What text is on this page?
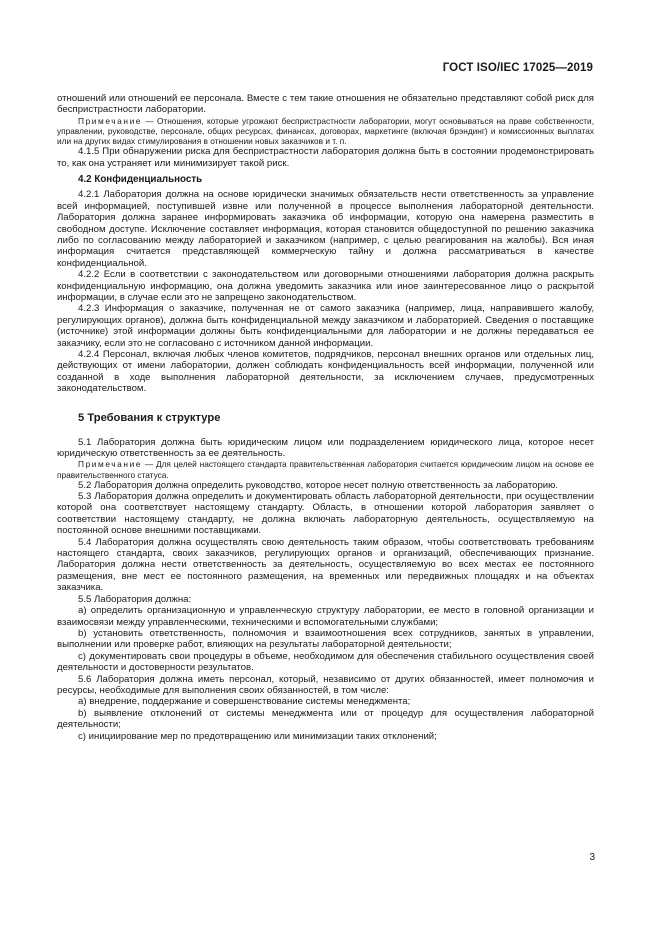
ГОСТ ISO/IEC 17025—2019

отношений или отношений ее персонала. Вместе с тем такие отношения не обязательно представляют собой риск для беспристрастности лаборатории.

Примечание — Отношения, которые угрожают беспристрастности лаборатории, могут основываться на праве собственности, управлении, руководстве, персонале, общих ресурсах, финансах, договорах, маркетинге (включая брэндинг) и комиссионных выплатах или на других видах стимулирования в отношении новых заказчиков и т. п.

4.1.5 При обнаружении риска для беспристрастности лаборатория должна быть в состоянии продемонстрировать то, как она устраняет или минимизирует такой риск.

4.2 Конфиденциальность

4.2.1 Лаборатория должна на основе юридически значимых обязательств нести ответственность за управление всей информацией, поступившей извне или полученной в процессе выполнения лабораторной деятельности. Лаборатория должна заранее информировать заказчика об информации, которую она намерена разместить в свободном доступе. Исключение составляет информация, которая становится общедоступной по решению заказчика либо по согласованию между лабораторией и заказчиком (например, с целью реагирования на жалобы). Вся иная информация считается представляющей коммерческую тайну и должна рассматриваться в качестве конфиденциальной.

4.2.2 Если в соответствии с законодательством или договорными отношениями лаборатория должна раскрыть конфиденциальную информацию, она должна уведомить заказчика или иное заинтересованное лицо о раскрытой информации, в случае если это не запрещено законодательством.

4.2.3 Информация о заказчике, полученная не от самого заказчика (например, лица, направившего жалобу, регулирующих органов), должна быть конфиденциальной между заказчиком и лабораторией. Сведения о поставщике (источнике) этой информации должны быть конфиденциальными для лаборатории и не должны передаваться ее заказчику, если это не согласовано с источником данной информации.

4.2.4 Персонал, включая любых членов комитетов, подрядчиков, персонал внешних органов или отдельных лиц, действующих от имени лаборатории, должен соблюдать конфиденциальность всей информации, полученной или созданной в ходе выполнения лабораторной деятельности, за исключением случаев, предусмотренных законодательством.

5 Требования к структуре

5.1 Лаборатория должна быть юридическим лицом или подразделением юридического лица, которое несет юридическую ответственность за ее деятельность.

Примечание — Для целей настоящего стандарта правительственная лаборатория считается юридическим лицом на основе ее правительственного статуса.

5.2 Лаборатория должна определить руководство, которое несет полную ответственность за лабораторию.

5.3 Лаборатория должна определить и документировать область лабораторной деятельности, при осуществлении которой она соответствует настоящему стандарту. Область, в отношении которой лаборатория заявляет о соответствии настоящему стандарту, не должна включать лабораторную деятельность, осуществляемую на постоянной основе внешними поставщиками.

5.4 Лаборатория должна осуществлять свою деятельность таким образом, чтобы соответствовать требованиям настоящего стандарта, своих заказчиков, регулирующих органов и организаций, обеспечивающих признание. Лаборатория должна нести ответственность за деятельность, осуществляемую во всех местах ее постоянного размещения, вне мест ее постоянного размещения, на временных или передвижных площадях и на объектах заказчика.

5.5 Лаборатория должна:

a) определить организационную и управленческую структуру лаборатории, ее место в головной организации и взаимосвязи между управленческими, техническими и вспомогательными службами;

b) установить ответственность, полномочия и взаимоотношения всех сотрудников, занятых в управлении, выполнении или проверке работ, влияющих на результаты лабораторной деятельности;

c) документировать свои процедуры в объеме, необходимом для обеспечения стабильного осуществления своей деятельности и достоверности результатов.

5.6 Лаборатория должна иметь персонал, который, независимо от других обязанностей, имеет полномочия и ресурсы, необходимые для выполнения своих обязанностей, в том числе:

a) внедрение, поддержание и совершенствование системы менеджмента;

b) выявление отклонений от системы менеджмента или от процедур для осуществления лабораторной деятельности;

c) инициирование мер по предотвращению или минимизации таких отклонений;

3
